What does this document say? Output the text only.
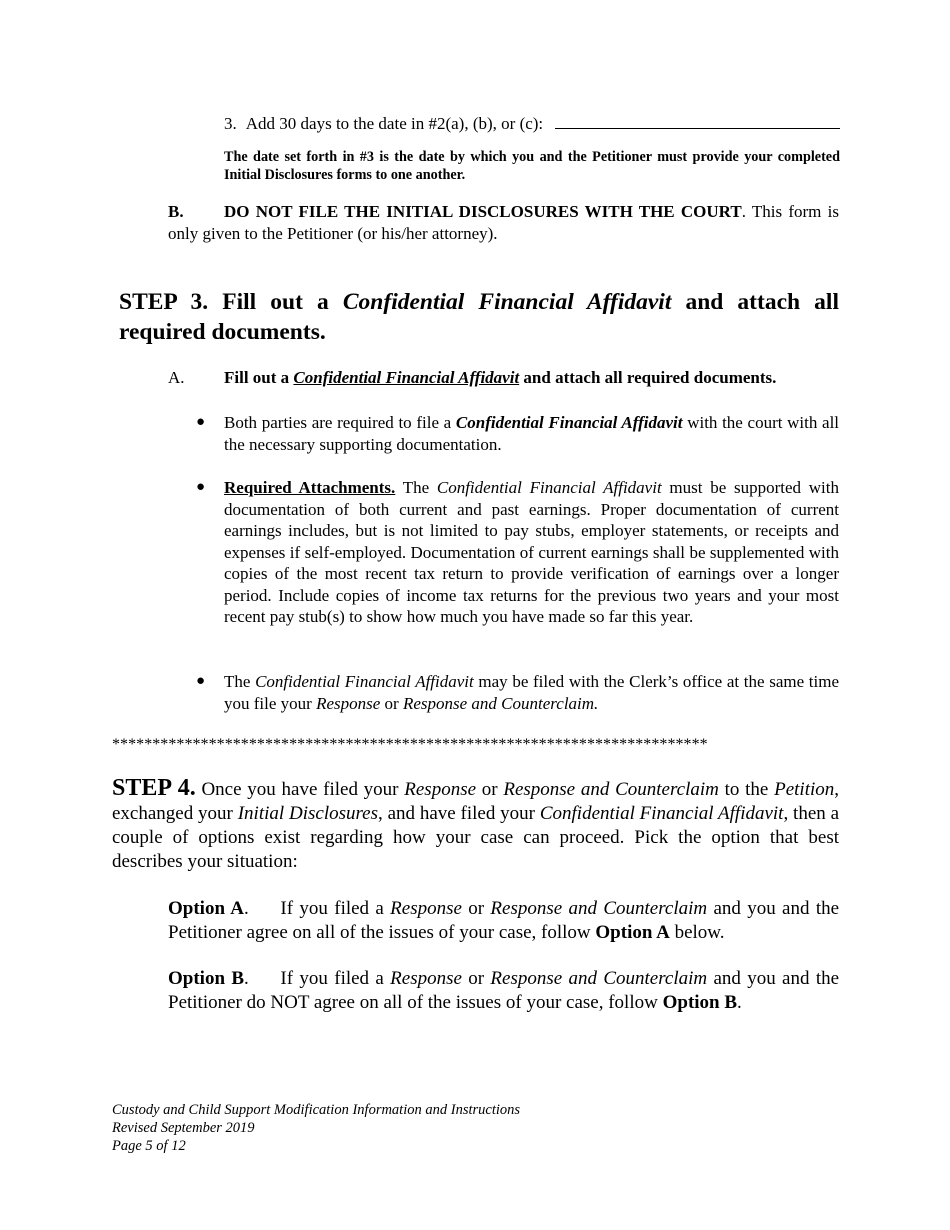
3. Add 30 days to the date in #2(a), (b), or (c):
The date set forth in #3 is the date by which you and the Petitioner must provide your completed Initial Disclosures forms to one another.
B. DO NOT FILE THE INITIAL DISCLOSURES WITH THE COURT. This form is only given to the Petitioner (or his/her attorney).
STEP 3. Fill out a Confidential Financial Affidavit and attach all required documents.
A. Fill out a Confidential Financial Affidavit and attach all required documents.
● Both parties are required to file a Confidential Financial Affidavit with the court with all the necessary supporting documentation.
● Required Attachments. The Confidential Financial Affidavit must be supported with documentation of both current and past earnings. Proper documentation of current earnings includes, but is not limited to pay stubs, employer statements, or receipts and expenses if self-employed. Documentation of current earnings shall be supplemented with copies of the most recent tax return to provide verification of earnings over a longer period. Include copies of income tax returns for the previous two years and your most recent pay stub(s) to show how much you have made so far this year.
● The Confidential Financial Affidavit may be filed with the Clerk’s office at the same time you file your Response or Response and Counterclaim.
**************************************************************************
STEP 4. Once you have filed your Response or Response and Counterclaim to the Petition, exchanged your Initial Disclosures, and have filed your Confidential Financial Affidavit, then a couple of options exist regarding how your case can proceed. Pick the option that best describes your situation:
Option A.     If you filed a Response or Response and Counterclaim and you and the Petitioner agree on all of the issues of your case, follow Option A below.
Option B.     If you filed a Response or Response and Counterclaim and you and the Petitioner do NOT agree on all of the issues of your case, follow Option B.
Custody and Child Support Modification Information and Instructions
Revised September 2019
Page 5 of 12
